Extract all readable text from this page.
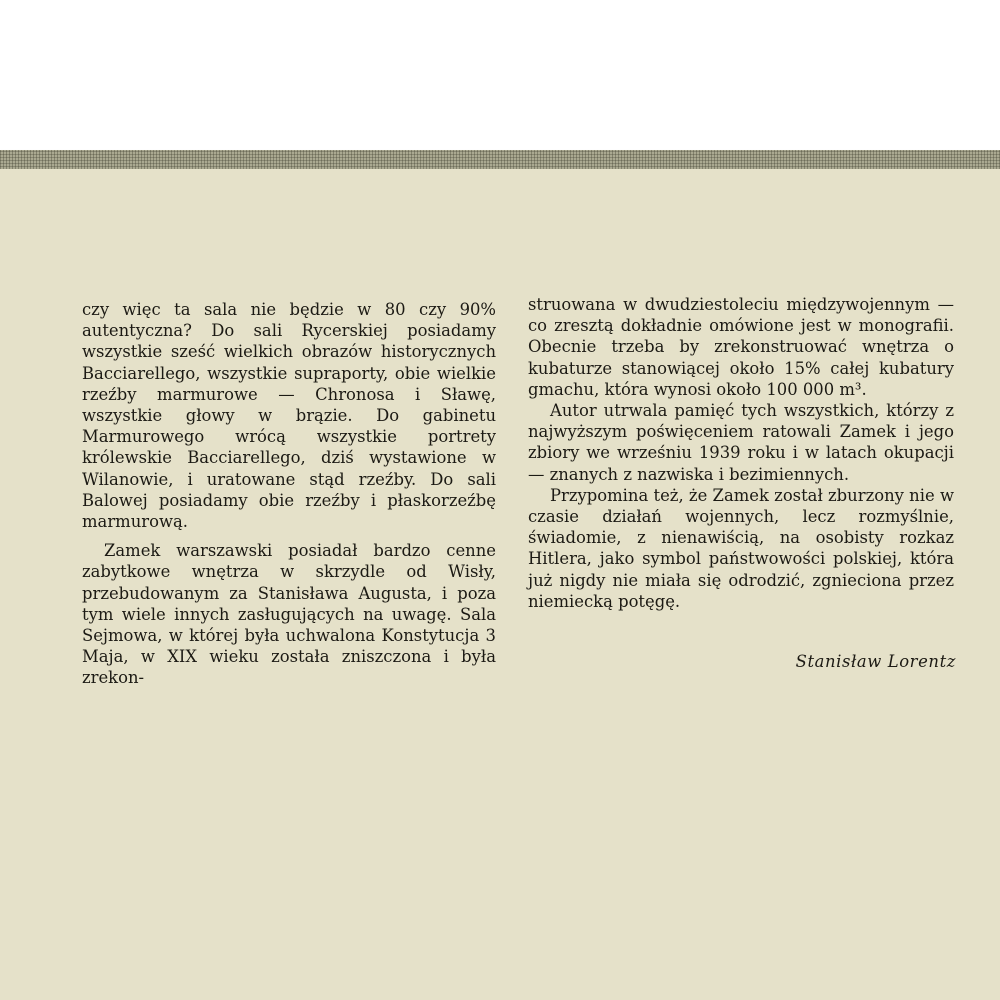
czy więc ta sala nie będzie w 80 czy 90% autentyczna? Do sali Rycerskiej posiadamy wszystkie sześć wielkich obrazów historycznych Bacciarellego, wszystkie supraporty, obie wielkie rzeźby marmurowe — Chronosa i Sławę, wszystkie głowy w brązie. Do gabinetu Marmurowego wrócą wszystkie portrety królewskie Bacciarellego, dziś wystawione w Wilanowie, i uratowane stąd rzeźby. Do sali Balowej posiadamy obie rzeźby i płaskorzeźbę marmurową.

Zamek warszawski posiadał bardzo cenne zabytkowe wnętrza w skrzydle od Wisły, przebudowanym za Stanisława Augusta, i poza tym wiele innych zasługujących na uwagę. Sala Sejmowa, w której była uchwalona Konstytucja 3 Maja, w XIX wieku została zniszczona i była zrekon-

struowana w dwudziestoleciu międzywojennym — co zresztą dokładnie omówione jest w monografii. Obecnie trzeba by zrekonstruować wnętrza o kubaturze stanowiącej około 15% całej kubatury gmachu, która wynosi około 100 000 m³.

Autor utrwala pamięć tych wszystkich, którzy z najwyższym poświęceniem ratowali Zamek i jego zbiory we wrześniu 1939 roku i w latach okupacji — znanych z nazwiska i bezimiennych.

Przypomina też, że Zamek został zburzony nie w czasie działań wojennych, lecz rozmyślnie, świadomie, z nienawiścią, na osobisty rozkaz Hitlera, jako symbol państwowości polskiej, która już nigdy nie miała się odrodzić, zgnieciona przez niemiecką potęgę.

Stanisław Lorentz
